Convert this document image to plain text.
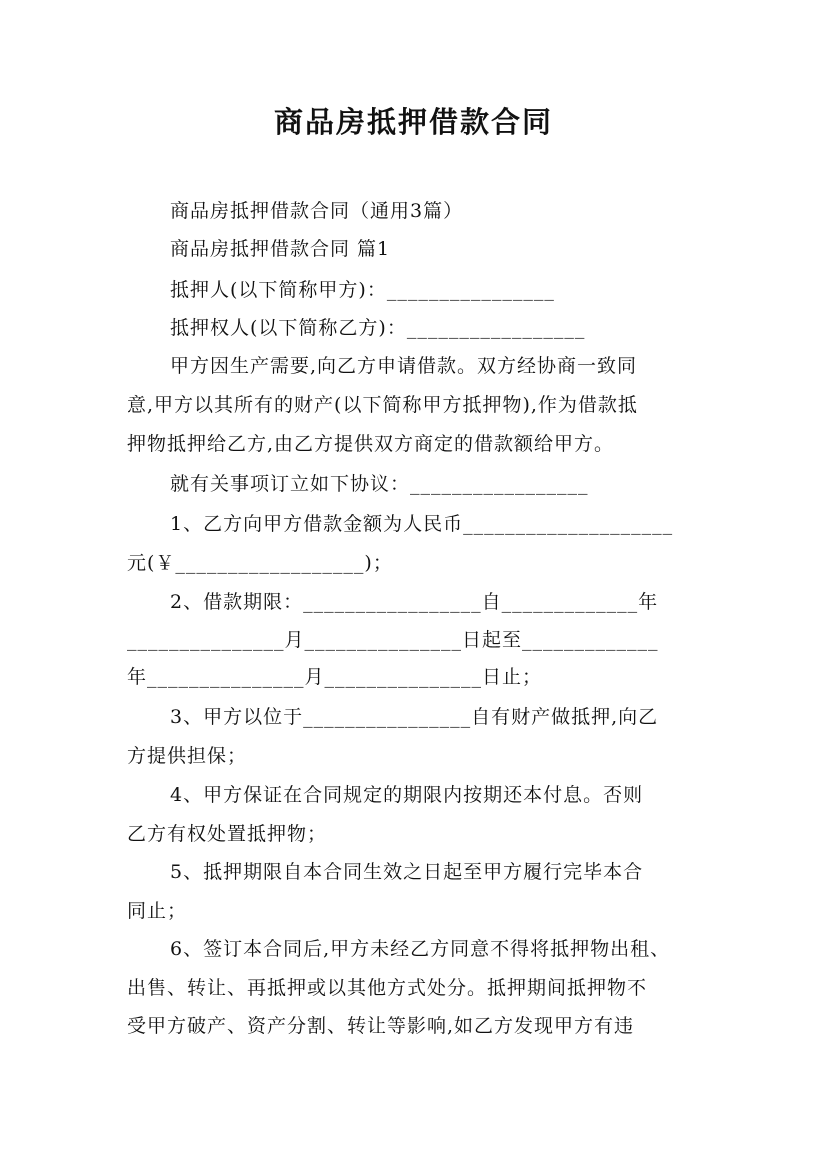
商品房抵押借款合同
商品房抵押借款合同（通用3篇）
商品房抵押借款合同 篇1
抵押人(以下简称甲方)：________________
抵押权人(以下简称乙方)：_________________
甲方因生产需要,向乙方申请借款。双方经协商一致同
意,甲方以其所有的财产(以下简称甲方抵押物),作为借款抵
押物抵押给乙方,由乙方提供双方商定的借款额给甲方。
就有关事项订立如下协议：_________________
1、乙方向甲方借款金额为人民币____________________
元(￥__________________)；
2、借款期限：_________________自_____________年
_______________月_______________日起至_____________
年_______________月_______________日止；
3、甲方以位于________________自有财产做抵押,向乙
方提供担保；
4、甲方保证在合同规定的期限内按期还本付息。否则
乙方有权处置抵押物；
5、抵押期限自本合同生效之日起至甲方履行完毕本合
同止；
6、签订本合同后,甲方未经乙方同意不得将抵押物出租、
出售、转让、再抵押或以其他方式处分。抵押期间抵押物不
受甲方破产、资产分割、转让等影响,如乙方发现甲方有违
